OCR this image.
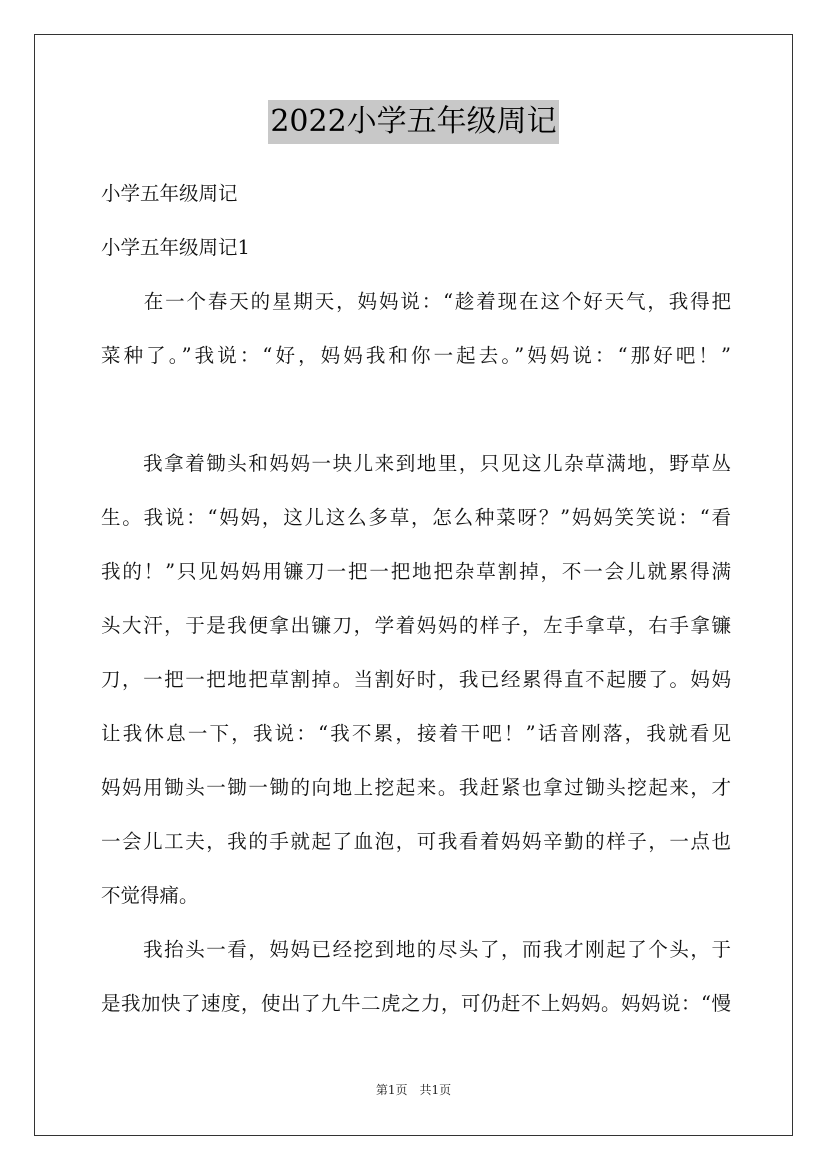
2022小学五年级周记
小学五年级周记
小学五年级周记1
　　在一个春天的星期天，妈妈说：“趁着现在这个好天气，我得把
菜种了。”我说：“好，妈妈我和你一起去。”妈妈说：“那好吧！”
　　我拿着锄头和妈妈一块儿来到地里，只见这儿杂草满地，野草丛
生。我说：“妈妈，这儿这么多草，怎么种菜呀？”妈妈笑笑说：“看
我的！”只见妈妈用镰刀一把一把地把杂草割掉，不一会儿就累得满
头大汗，于是我便拿出镰刀，学着妈妈的样子，左手拿草，右手拿镰
刀，一把一把地把草割掉。当割好时，我已经累得直不起腰了。妈妈
让我休息一下，我说：“我不累，接着干吧！”话音刚落，我就看见
妈妈用锄头一锄一锄的向地上挖起来。我赶紧也拿过锄头挖起来，才
一会儿工夫，我的手就起了血泡，可我看着妈妈辛勤的样子，一点也
不觉得痛。
　　我抬头一看，妈妈已经挖到地的尽头了，而我才刚起了个头，于
是我加快了速度，使出了九牛二虎之力，可仍赶不上妈妈。妈妈说：“慢
第1页　共1页
